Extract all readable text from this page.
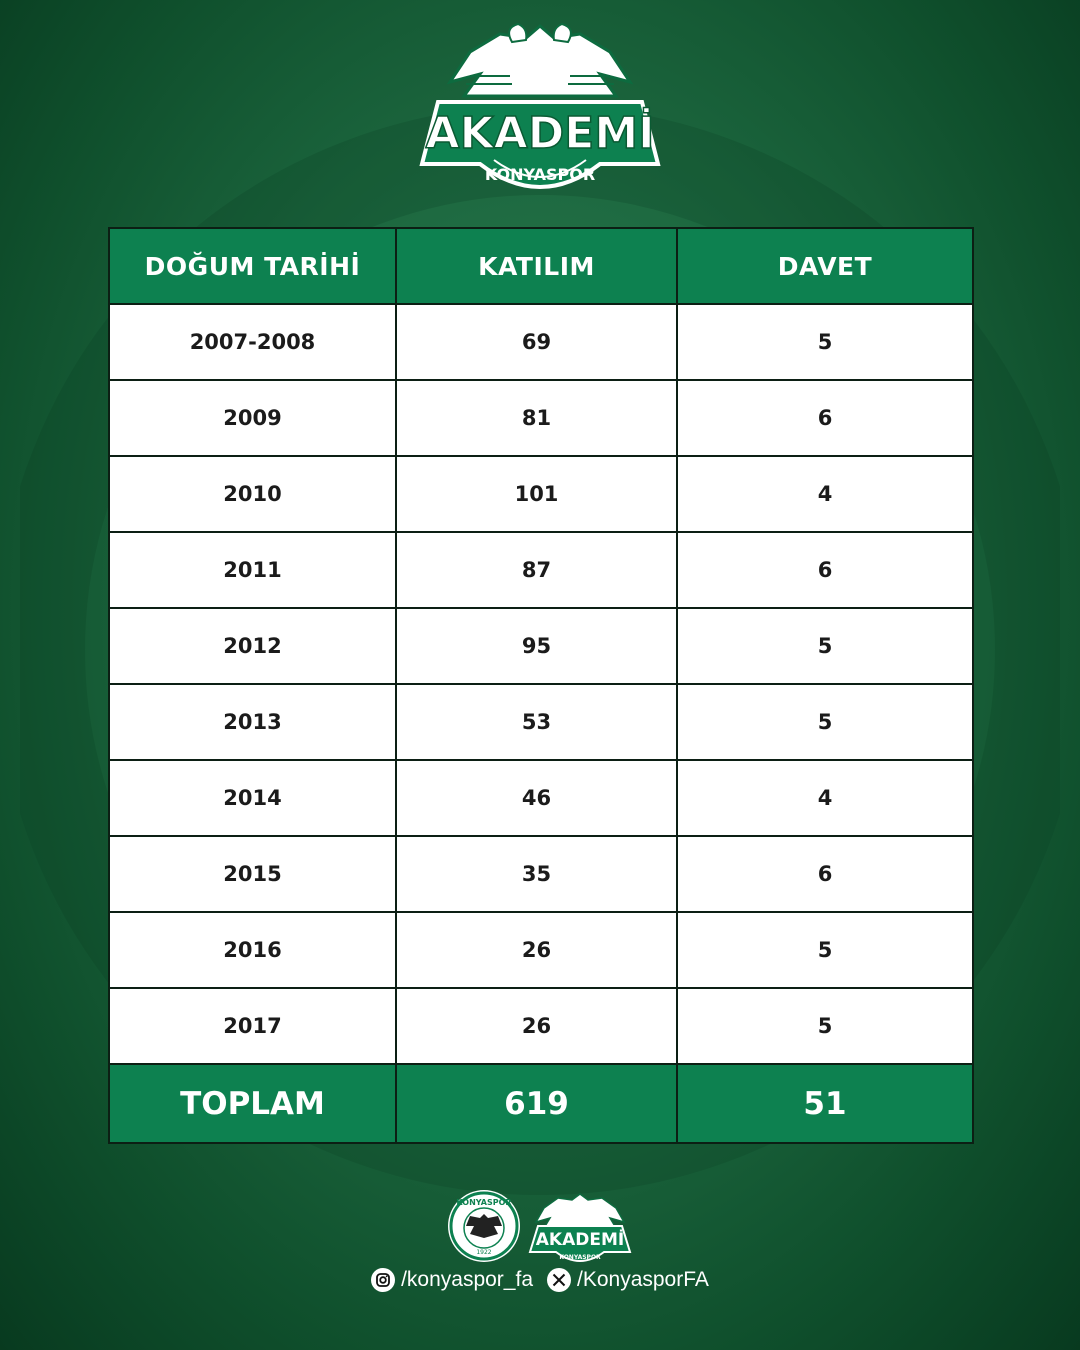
AKADEMİ
KONYASPOR
DOĞUM TARİHİ	KATILIM	DAVET
2007-2008	69	5
2009	81	6
2010	101	4
2011	87	6
2012	95	5
2013	53	5
2014	46	4
2015	35	6
2016	26	5
2017	26	5
TOPLAM	619	51
KONYASPOR
1922
AKADEMİ
KONYASPOR
/konyaspor_fa /KonyasporFA
